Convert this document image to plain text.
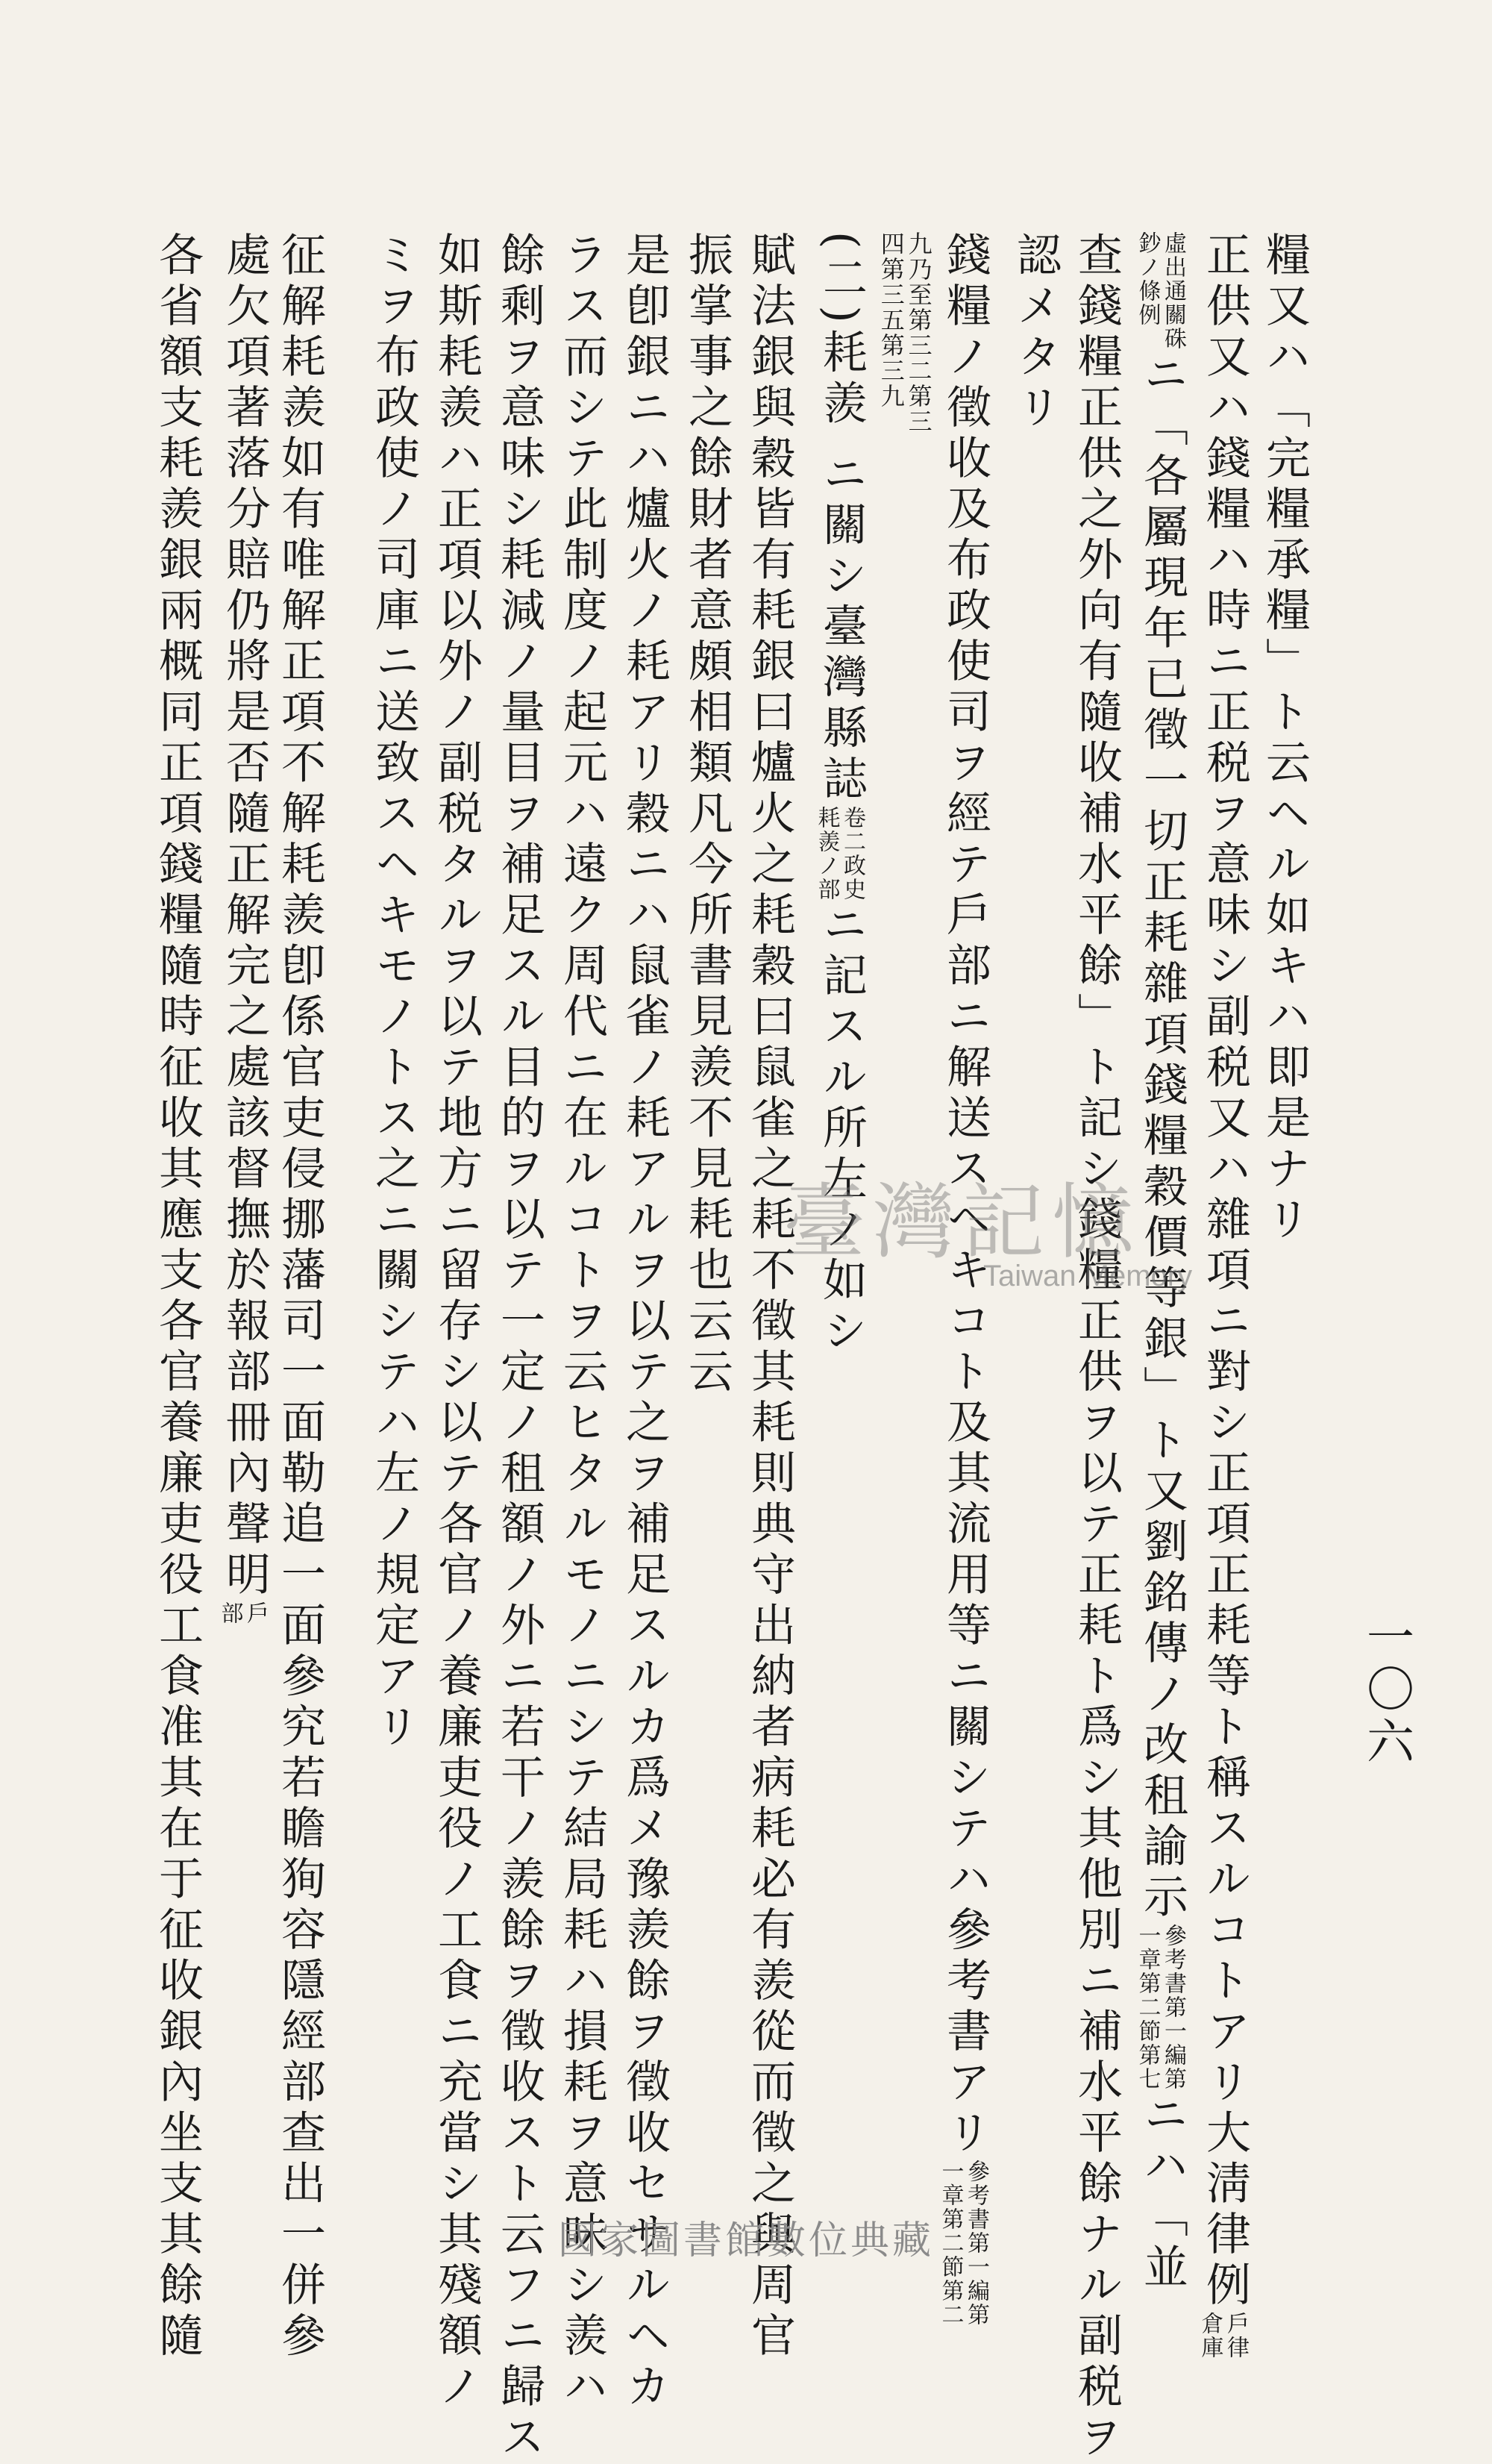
一〇六
糧又ハ「完糧承糧」ト云ヘル如キハ即是ナリ
正供又ハ錢糧ハ時ニ正税ヲ意味シ副税又ハ雜項ニ對シ正項正耗等ト稱スルコトアリ大淸律例戶律
倉庫
虛出通關硃
鈔ノ條例ニ「各屬現年已徵一切正耗雜項錢糧穀價等銀」ト又劉銘傳ノ改租諭示參考書第一編第
一章第二節第七ニハ「並
查錢糧正供之外向有隨收補水平餘」ト記シ錢糧正供ヲ以テ正耗ト爲シ其他別ニ補水平餘ナル副税ヲ
認メタリ
錢糧ノ徵收及布政使司ヲ經テ戶部ニ解送スヘキコト及其流用等ニ關シテハ參考書アリ參考書第一編第
一章第二節第二
九乃至第三二第三
四第三五第三九
(二)耗羨 ニ關シ臺灣縣誌卷二政史
耗羨ノ部ニ記スル所左ノ如シ
賦法銀與穀皆有耗銀曰爐火之耗穀曰鼠雀之耗不徵其耗則典守出納者病耗必有羨從而徵之與周官
振掌事之餘財者意頗相類凡今所書見羨不見耗也云云
是卽銀ニハ爐火ノ耗アリ穀ニハ鼠雀ノ耗アルヲ以テ之ヲ補足スルカ爲メ豫羨餘ヲ徵收セサルヘカ
ラス而シテ此制度ノ起元ハ遠ク周代ニ在ルコトヲ云ヒタルモノニシテ結局耗ハ損耗ヲ意味シ羨ハ
餘剩ヲ意味シ耗減ノ量目ヲ補足スル目的ヲ以テ一定ノ租額ノ外ニ若干ノ羨餘ヲ徵收スト云フニ歸ス
如斯耗羨ハ正項以外ノ副税タルヲ以テ地方ニ留存シ以テ各官ノ養廉吏役ノ工食ニ充當シ其殘額ノ
ミヲ布政使ノ司庫ニ送致スヘキモノトス之ニ關シテハ左ノ規定アリ
征解耗羨如有唯解正項不解耗羨卽係官吏侵挪藩司一面勒追一面參究若瞻狥容隱經部查出一併參
處欠項著落分賠仍將是否隨正解完之處該督撫於報部冊內聲明戶
部
各省額支耗羨銀兩概同正項錢糧隨時征收其應支各官養廉吏役工食准其在于征收銀內坐支其餘隨	臺灣記憶
Taiwan Memory
國家圖書館數位典藏
